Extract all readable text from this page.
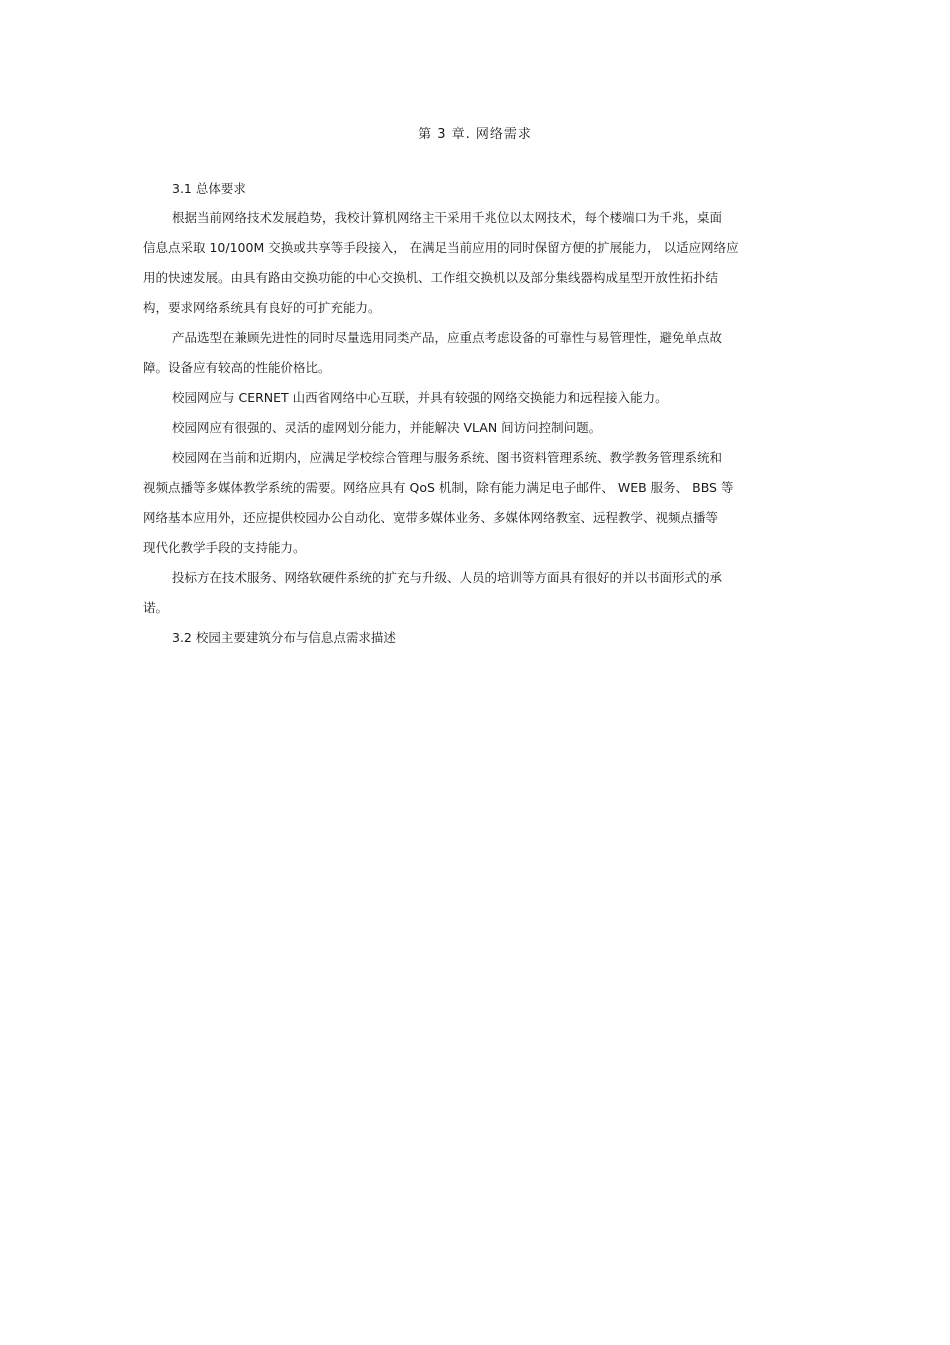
第 3 章. 网络需求
3.1 总体要求
根据当前网络技术发展趋势，我校计算机网络主干采用千兆位以太网技术，每个楼端口为千兆，桌面
信息点采取 10/100M 交换或共享等手段接入， 在满足当前应用的同时保留方便的扩展能力， 以适应网络应
用的快速发展。由具有路由交换功能的中心交换机、工作组交换机以及部分集线器构成星型开放性拓扑结
构，要求网络系统具有良好的可扩充能力。
产品选型在兼顾先进性的同时尽量选用同类产品，应重点考虑设备的可靠性与易管理性，避免单点故
障。设备应有较高的性能价格比。
校园网应与 CERNET 山西省网络中心互联，并具有较强的网络交换能力和远程接入能力。
校园网应有很强的、灵活的虚网划分能力，并能解决 VLAN 间访问控制问题。
校园网在当前和近期内，应满足学校综合管理与服务系统、图书资料管理系统、教学教务管理系统和
视频点播等多媒体教学系统的需要。网络应具有 QoS 机制，除有能力满足电子邮件、 WEB 服务、 BBS 等
网络基本应用外，还应提供校园办公自动化、宽带多媒体业务、多媒体网络教室、远程教学、视频点播等
现代化教学手段的支持能力。
投标方在技术服务、网络软硬件系统的扩充与升级、人员的培训等方面具有很好的并以书面形式的承
诺。
3.2 校园主要建筑分布与信息点需求描述
